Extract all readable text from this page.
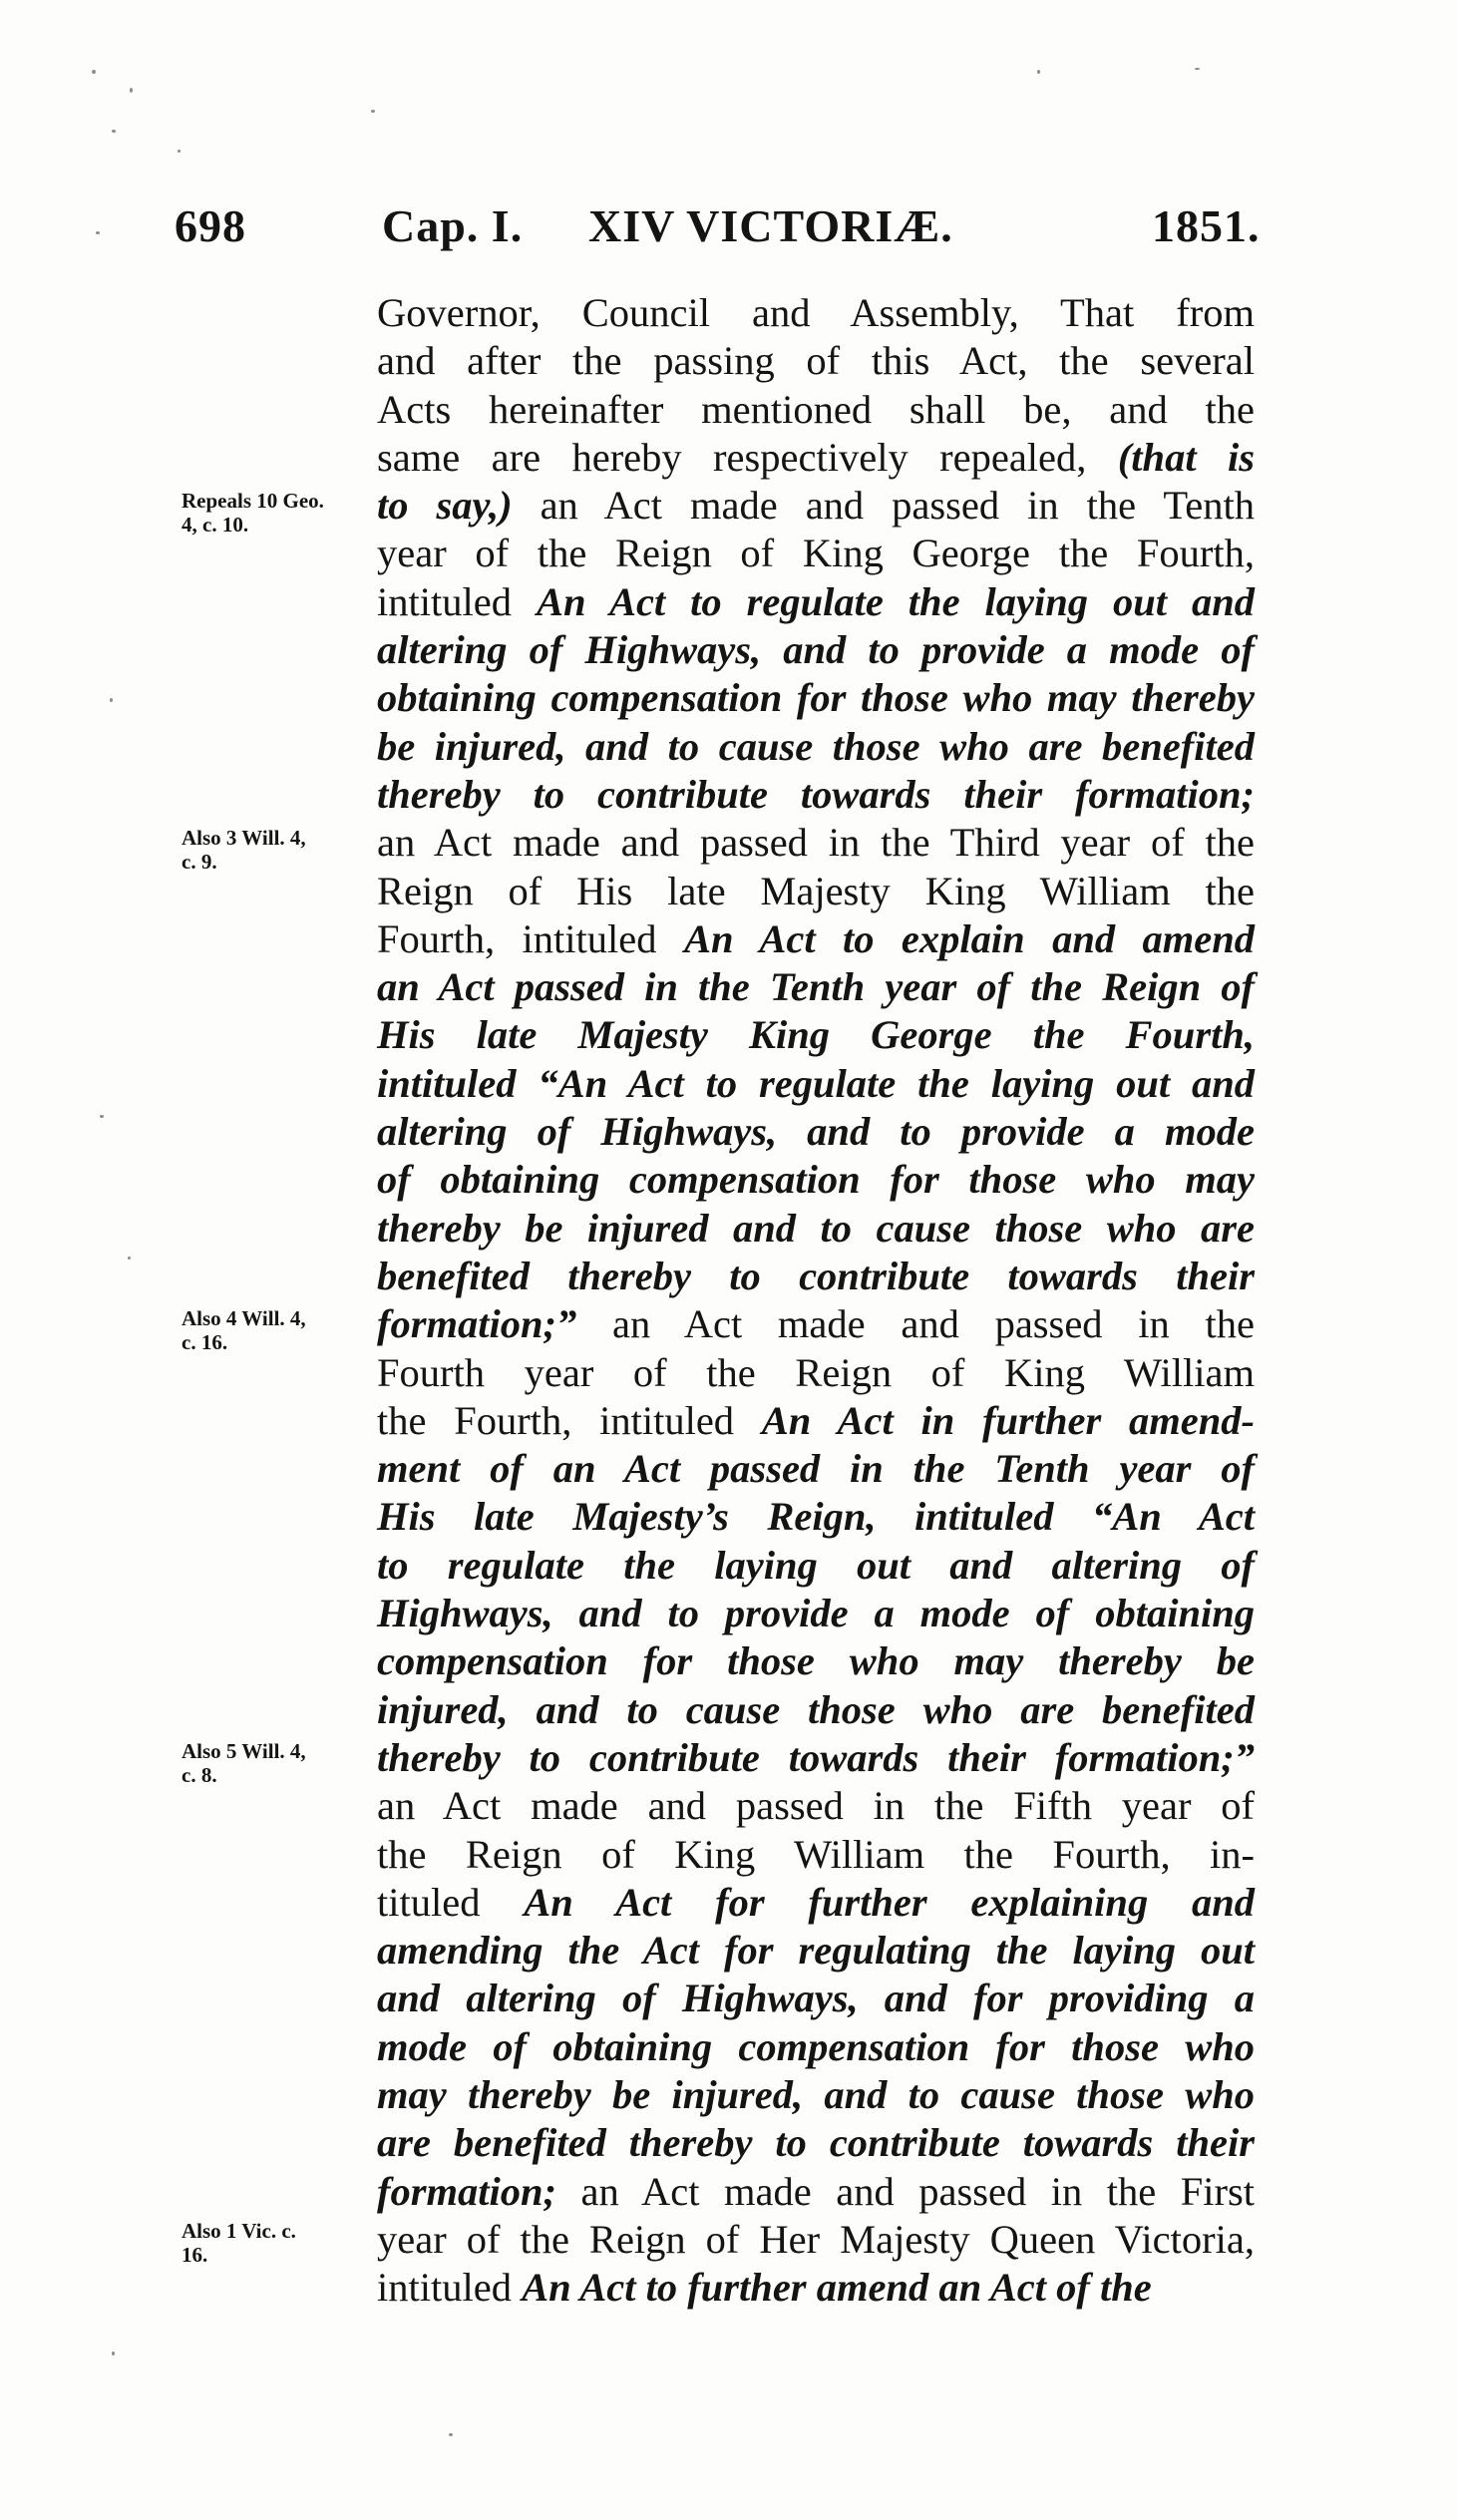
698	Cap. I. XIV VICTORIÆ.	1851.
Repeals 10 Geo.
4, c. 10.
Also 3 Will. 4,
c. 9.
Also 4 Will. 4,
c. 16.
Also 5 Will. 4,
c. 8.
Also 1 Vic. c.
16.
Governor, Council and Assembly, That from
and after the passing of this Act, the several
Acts hereinafter mentioned shall be, and the
same are hereby respectively repealed, (that is
to say,) an Act made and passed in the Tenth
year of the Reign of King George the Fourth,
intituled An Act to regulate the laying out and
altering of Highways, and to provide a mode of
obtaining compensation for those who may thereby
be injured, and to cause those who are benefited
thereby to contribute towards their formation;
an Act made and passed in the Third year of the
Reign of His late Majesty King William the
Fourth, intituled An Act to explain and amend
an Act passed in the Tenth year of the Reign of
His late Majesty King George the Fourth,
intituled “An Act to regulate the laying out and
altering of Highways, and to provide a mode
of obtaining compensation for those who may
thereby be injured and to cause those who are
benefited thereby to contribute towards their
formation;” an Act made and passed in the
Fourth year of the Reign of King William
the Fourth, intituled An Act in further amend-
ment of an Act passed in the Tenth year of
His late Majesty’s Reign, intituled “An Act
to regulate the laying out and altering of
Highways, and to provide a mode of obtaining
compensation for those who may thereby be
injured, and to cause those who are benefited
thereby to contribute towards their formation;”
an Act made and passed in the Fifth year of
the Reign of King William the Fourth, in-
tituled An Act for further explaining and
amending the Act for regulating the laying out
and altering of Highways, and for providing a
mode of obtaining compensation for those who
may thereby be injured, and to cause those who
are benefited thereby to contribute towards their
formation; an Act made and passed in the First
year of the Reign of Her Majesty Queen Victoria,
intituled An Act to further amend an Act of the
